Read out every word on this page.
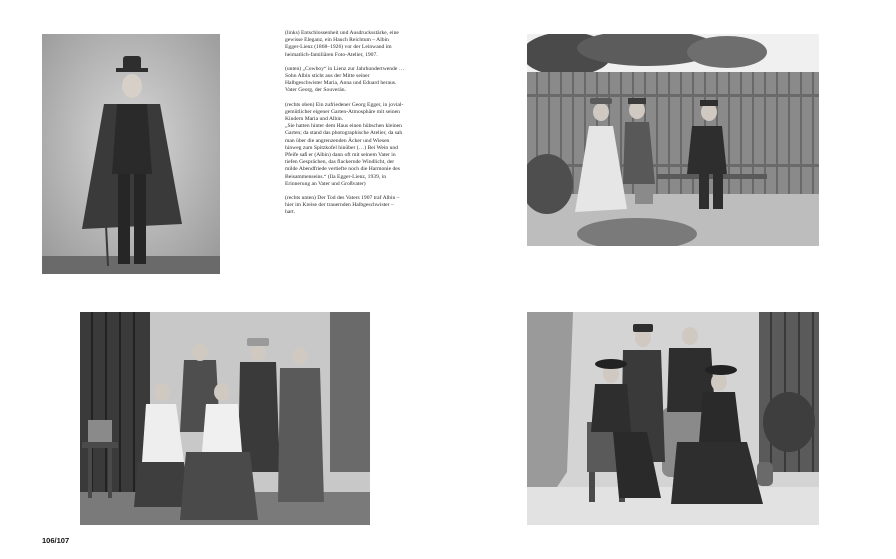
(links) Entschlossenheit und Ausdrucksstärke, eine gewisse Eleganz, ein Hauch Reichtum – Albin Egger-Lienz (1868–1926) vor der Leinwand im heimatlich-familiären Foto-Atelier, 1907.

(unten) „Cowboy“ in Lienz zur Jahrhundertwende … Sohn Albin sticht aus der Mitte seiner Halbgeschwister Maria, Anna und Eduard heraus. Vater Georg, der Souverän.

(rechts oben) Ein zufriedener Georg Egger, in jovial-gemütlicher eigener Garten-Atmosphäre mit seinen Kindern Maria und Albin.

„Sie hatten hinter dem Haus einen hübschen kleinen Garten; da stand das photographische Atelier, da sah man über die angrenzenden Äcker und Wiesen hinweg zum Spitzkofel hinüber (…) Bei Wein und Pfeife saß er (Albin) dann oft mit seinem Vater in tiefen Gesprächen, das flackernde Windlicht, der milde Abendfriede vertiefte noch die Harmonie des Beisammenseins.“ (Ila Egger-Lienz, 1939, in Erinnerung an Vater und Großvater)

(rechts unten) Der Tod des Vaters 1907 traf Albin – hier im Kreise der trauernden Halbgeschwister – hart.

106/107
